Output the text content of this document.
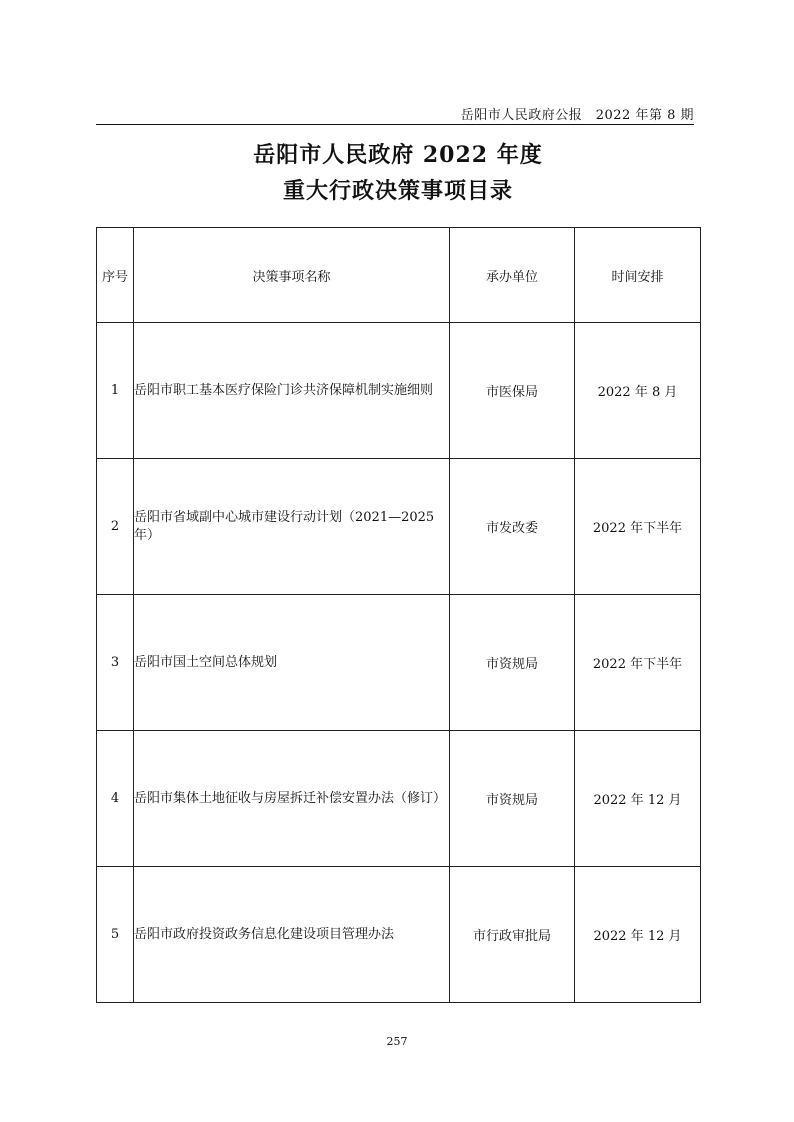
岳阳市人民政府公报　2022 年第 8 期
岳阳市人民政府 2022 年度
重大行政决策事项目录
序号	决策事项名称	承办单位	时间安排
1	岳阳市职工基本医疗保险门诊共济保障机制实施细则	市医保局	2022 年 8 月
2	岳阳市省域副中心城市建设行动计划（2021—2025年）	市发改委	2022 年下半年
3	岳阳市国土空间总体规划	市资规局	2022 年下半年
4	岳阳市集体土地征收与房屋拆迁补偿安置办法（修订）	市资规局	2022 年 12 月
5	岳阳市政府投资政务信息化建设项目管理办法	市行政审批局	2022 年 12 月
257
